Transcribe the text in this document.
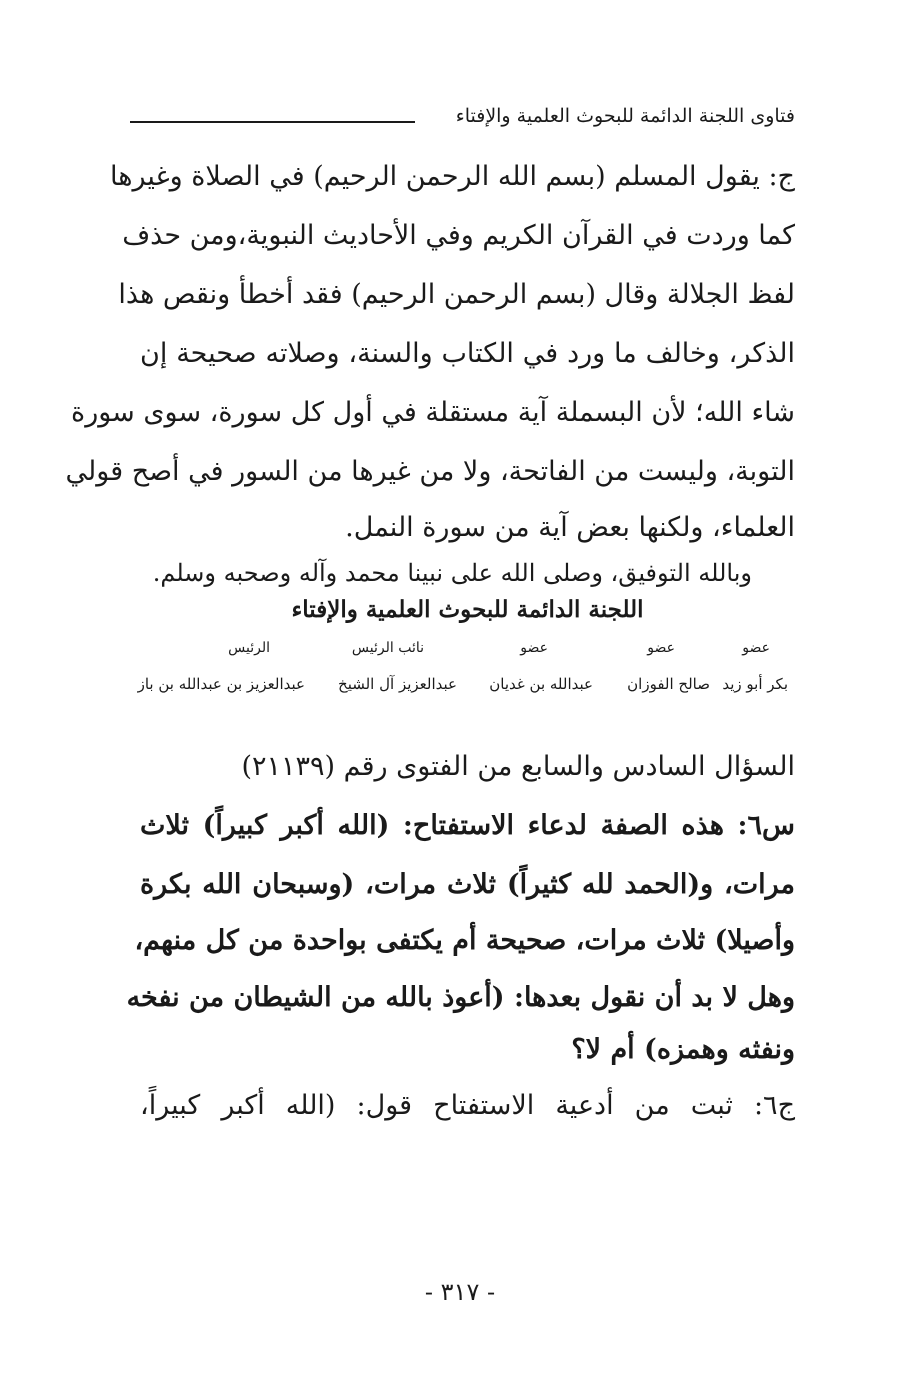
فتاوى اللجنة الدائمة للبحوث العلمية والإفتاء
ج: يقول المسلم (بسم الله الرحمن الرحيم) في الصلاة وغيرها
كما وردت في القرآن الكريم وفي الأحاديث النبوية،ومن حذف
لفظ الجلالة وقال (بسم الرحمن الرحيم) فقد أخطأ ونقص هذا
الذكر، وخالف ما ورد في الكتاب والسنة، وصلاته صحيحة إن
شاء الله؛ لأن البسملة آية مستقلة في أول كل سورة، سوى سورة
التوبة، وليست من الفاتحة، ولا من غيرها من السور في أصح قولي
العلماء، ولكنها بعض آية من سورة النمل.
وبالله التوفيق، وصلى الله على نبينا محمد وآله وصحبه وسلم.
اللجنة الدائمة للبحوث العلمية والإفتاء
عضو
عضو
عضو
نائب الرئيس
الرئيس
بكر أبو زيد
صالح الفوزان
عبدالله بن غديان
عبدالعزيز آل الشيخ
عبدالعزيز بن عبدالله بن باز
السؤال السادس والسابع من الفتوى رقم (٢١١٣٩)
س٦: هذه الصفة لدعاء الاستفتاح: (الله أكبر كبيراً) ثلاث
مرات، و(الحمد لله كثيراً) ثلاث مرات، (وسبحان الله بكرة
وأصيلا) ثلاث مرات، صحيحة أم يكتفى بواحدة من كل منهم،
وهل لا بد أن نقول بعدها: (أعوذ بالله من الشيطان من نفخه
ونفثه وهمزه) أم لا؟
ج٦: ثبت من أدعية الاستفتاح قول: (الله أكبر كبيراً،
- ٣١٧ -
